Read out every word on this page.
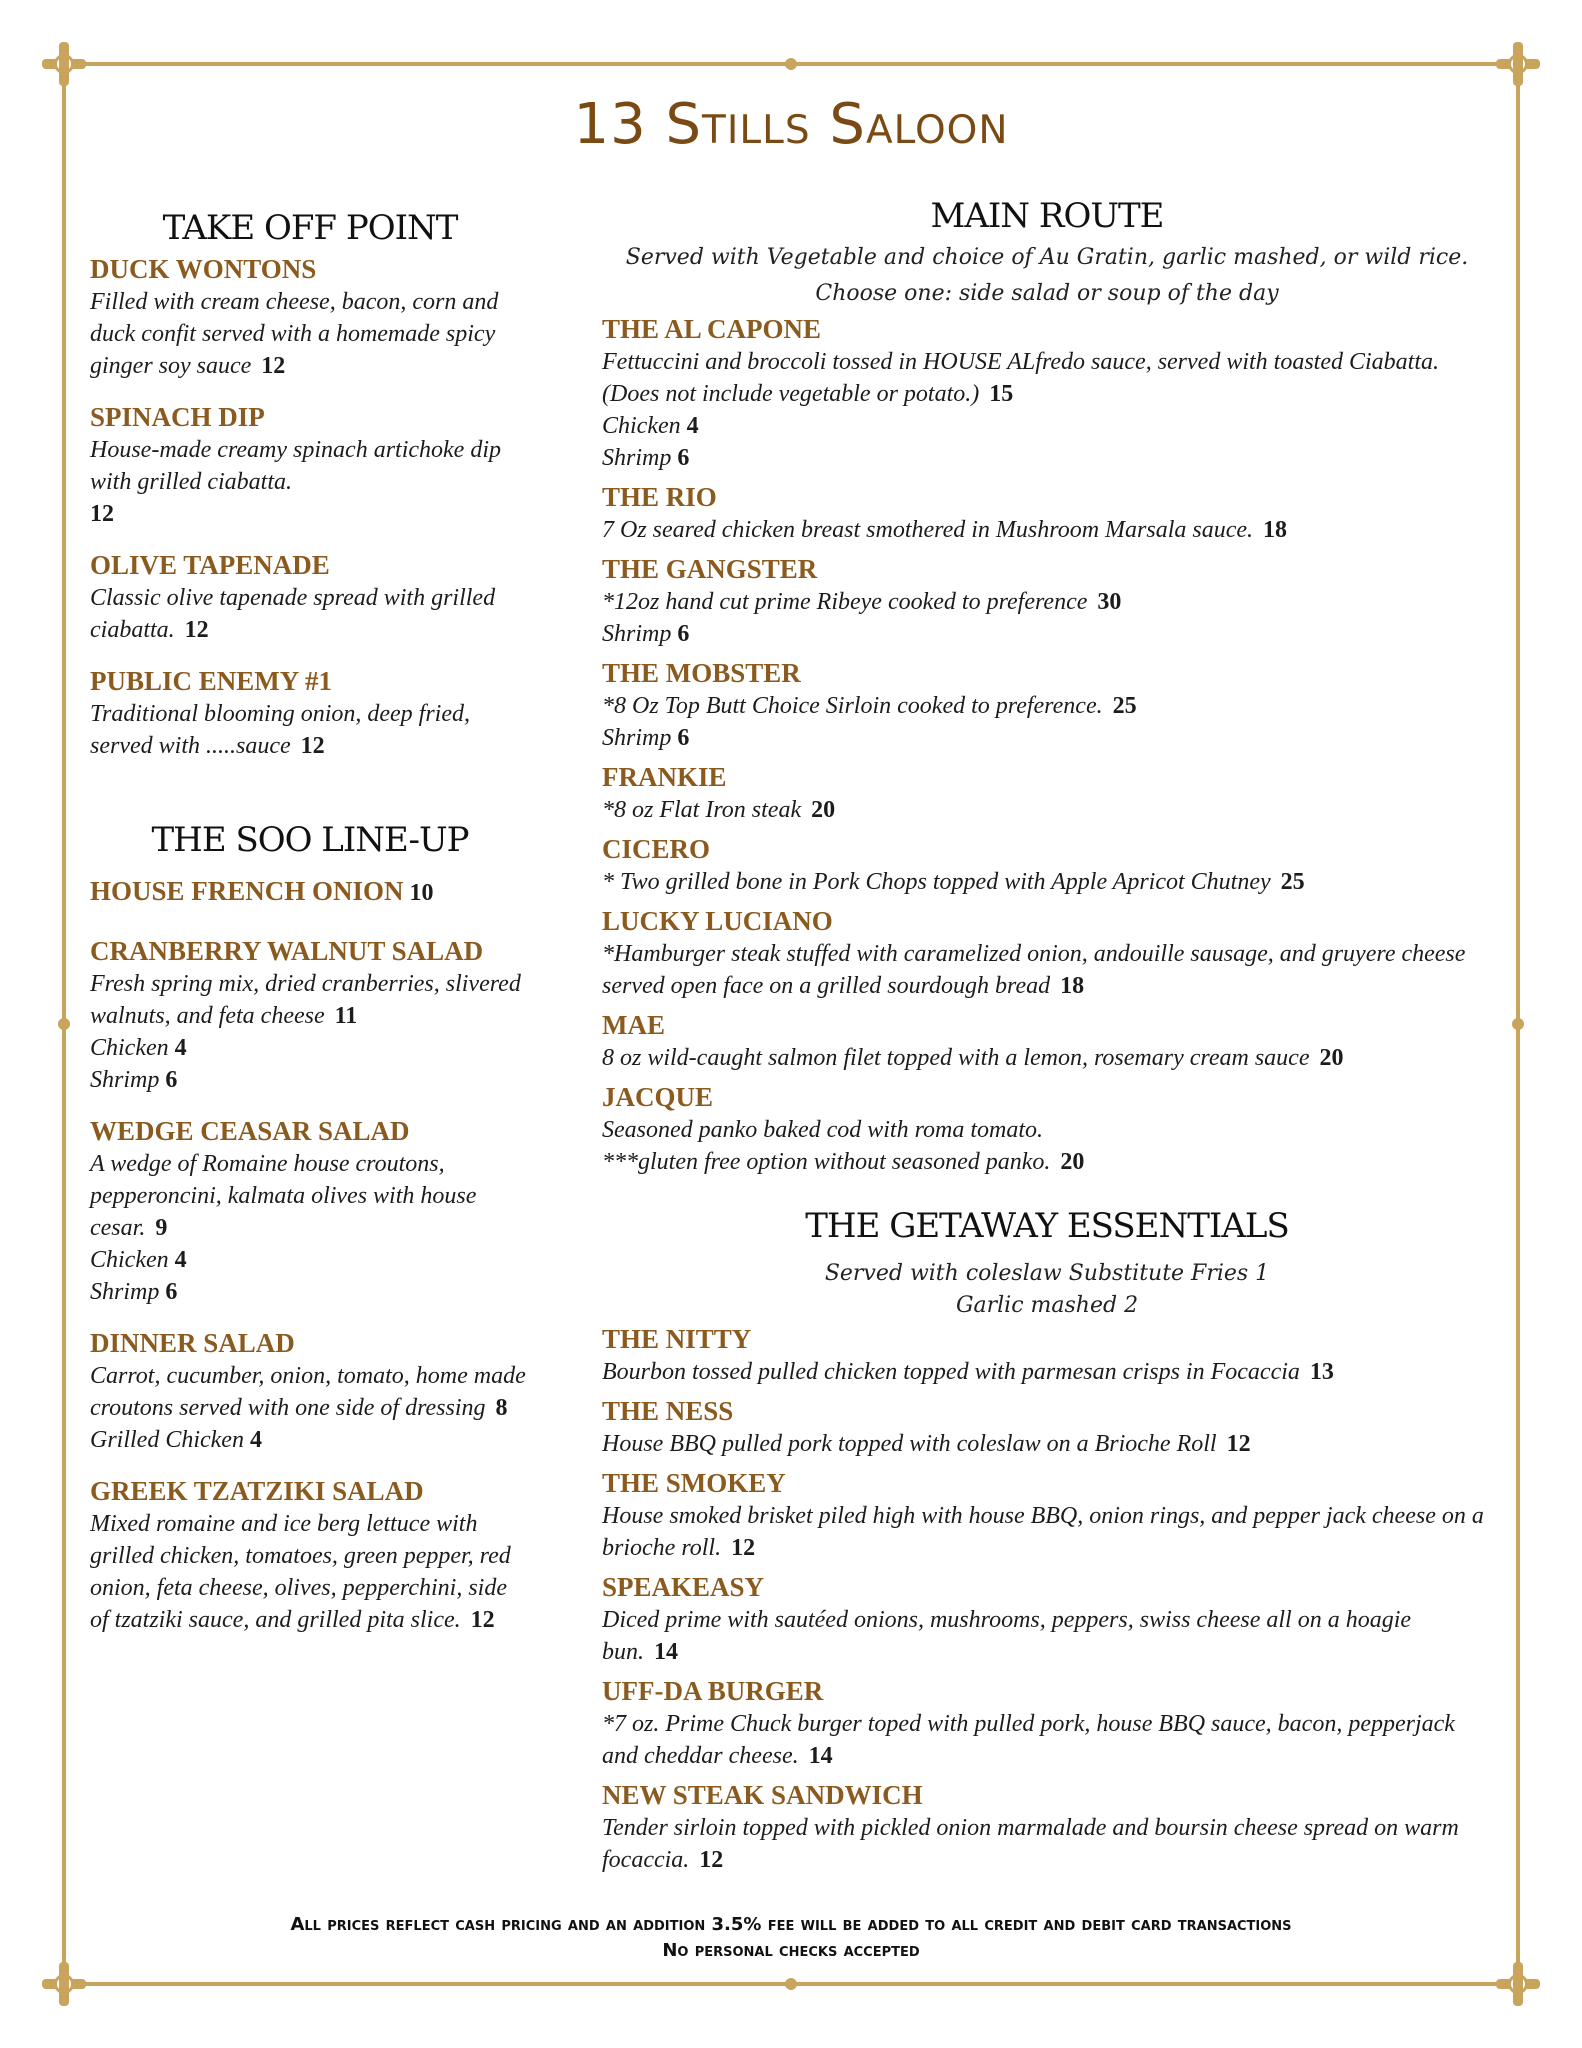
13 Stills Saloon
TAKE OFF POINT
DUCK WONTONS
Filled with cream cheese, bacon, corn and duck confit served with a homemade spicy ginger soy sauce 12
SPINACH DIP
House-made creamy spinach artichoke dip with grilled ciabatta.
12
OLIVE TAPENADE
Classic olive tapenade spread with grilled ciabatta. 12
PUBLIC ENEMY #1
Traditional blooming onion, deep fried, served with .....sauce 12
THE SOO LINE-UP
HOUSE FRENCH ONION 10
CRANBERRY WALNUT SALAD
Fresh spring mix, dried cranberries, slivered walnuts, and feta cheese 11
Chicken 4
Shrimp 6
WEDGE CEASAR SALAD
A wedge of Romaine house croutons, pepperoncini, kalmata olives with house cesar. 9
Chicken 4
Shrimp 6
DINNER SALAD
Carrot, cucumber, onion, tomato, home made croutons served with one side of dressing 8
Grilled Chicken 4
GREEK TZATZIKI SALAD
Mixed romaine and ice berg lettuce with grilled chicken, tomatoes, green pepper, red onion, feta cheese, olives, pepperchini, side of tzatziki sauce, and grilled pita slice. 12
MAIN ROUTE
Served with Vegetable and choice of Au Gratin, garlic mashed, or wild rice.
Choose one: side salad or soup of the day
THE AL CAPONE
Fettuccini and broccoli tossed in HOUSE ALfredo sauce, served with toasted Ciabatta.(Does not include vegetable or potato.) 15
Chicken 4
Shrimp 6
THE RIO
7 Oz seared chicken breast smothered in Mushroom Marsala sauce. 18
THE GANGSTER
*12oz hand cut prime Ribeye cooked to preference 30
Shrimp 6
THE MOBSTER
*8 Oz Top Butt Choice Sirloin cooked to preference. 25
Shrimp 6
FRANKIE
*8 oz Flat Iron steak 20
CICERO
* Two grilled bone in Pork Chops topped with Apple Apricot Chutney 25
LUCKY LUCIANO
*Hamburger steak stuffed with caramelized onion, andouille sausage, and gruyere cheese served open face on a grilled sourdough bread 18
MAE
8 oz wild-caught salmon filet topped with a lemon, rosemary cream sauce 20
JACQUE
Seasoned panko baked cod with roma tomato.
***gluten free option without seasoned panko. 20
THE GETAWAY ESSENTIALS
Served with coleslaw Substitute Fries 1
Garlic mashed 2
THE NITTY
Bourbon tossed pulled chicken topped with parmesan crisps in Focaccia 13
THE NESS
House BBQ pulled pork topped with coleslaw on a Brioche Roll 12
THE SMOKEY
House smoked brisket piled high with house BBQ, onion rings, and pepper jack cheese on a brioche roll. 12
SPEAKEASY
Diced prime with sautéed onions, mushrooms, peppers, swiss cheese all on a hoagie bun. 14
UFF-DA BURGER
*7 oz. Prime Chuck burger toped with pulled pork, house BBQ sauce, bacon, pepperjack and cheddar cheese. 14
NEW STEAK SANDWICH
Tender sirloin topped with pickled onion marmalade and boursin cheese spread on warm focaccia. 12
All prices reflect cash pricing and an addition 3.5% fee will be added to all credit and debit card transactions
No personal checks accepted
